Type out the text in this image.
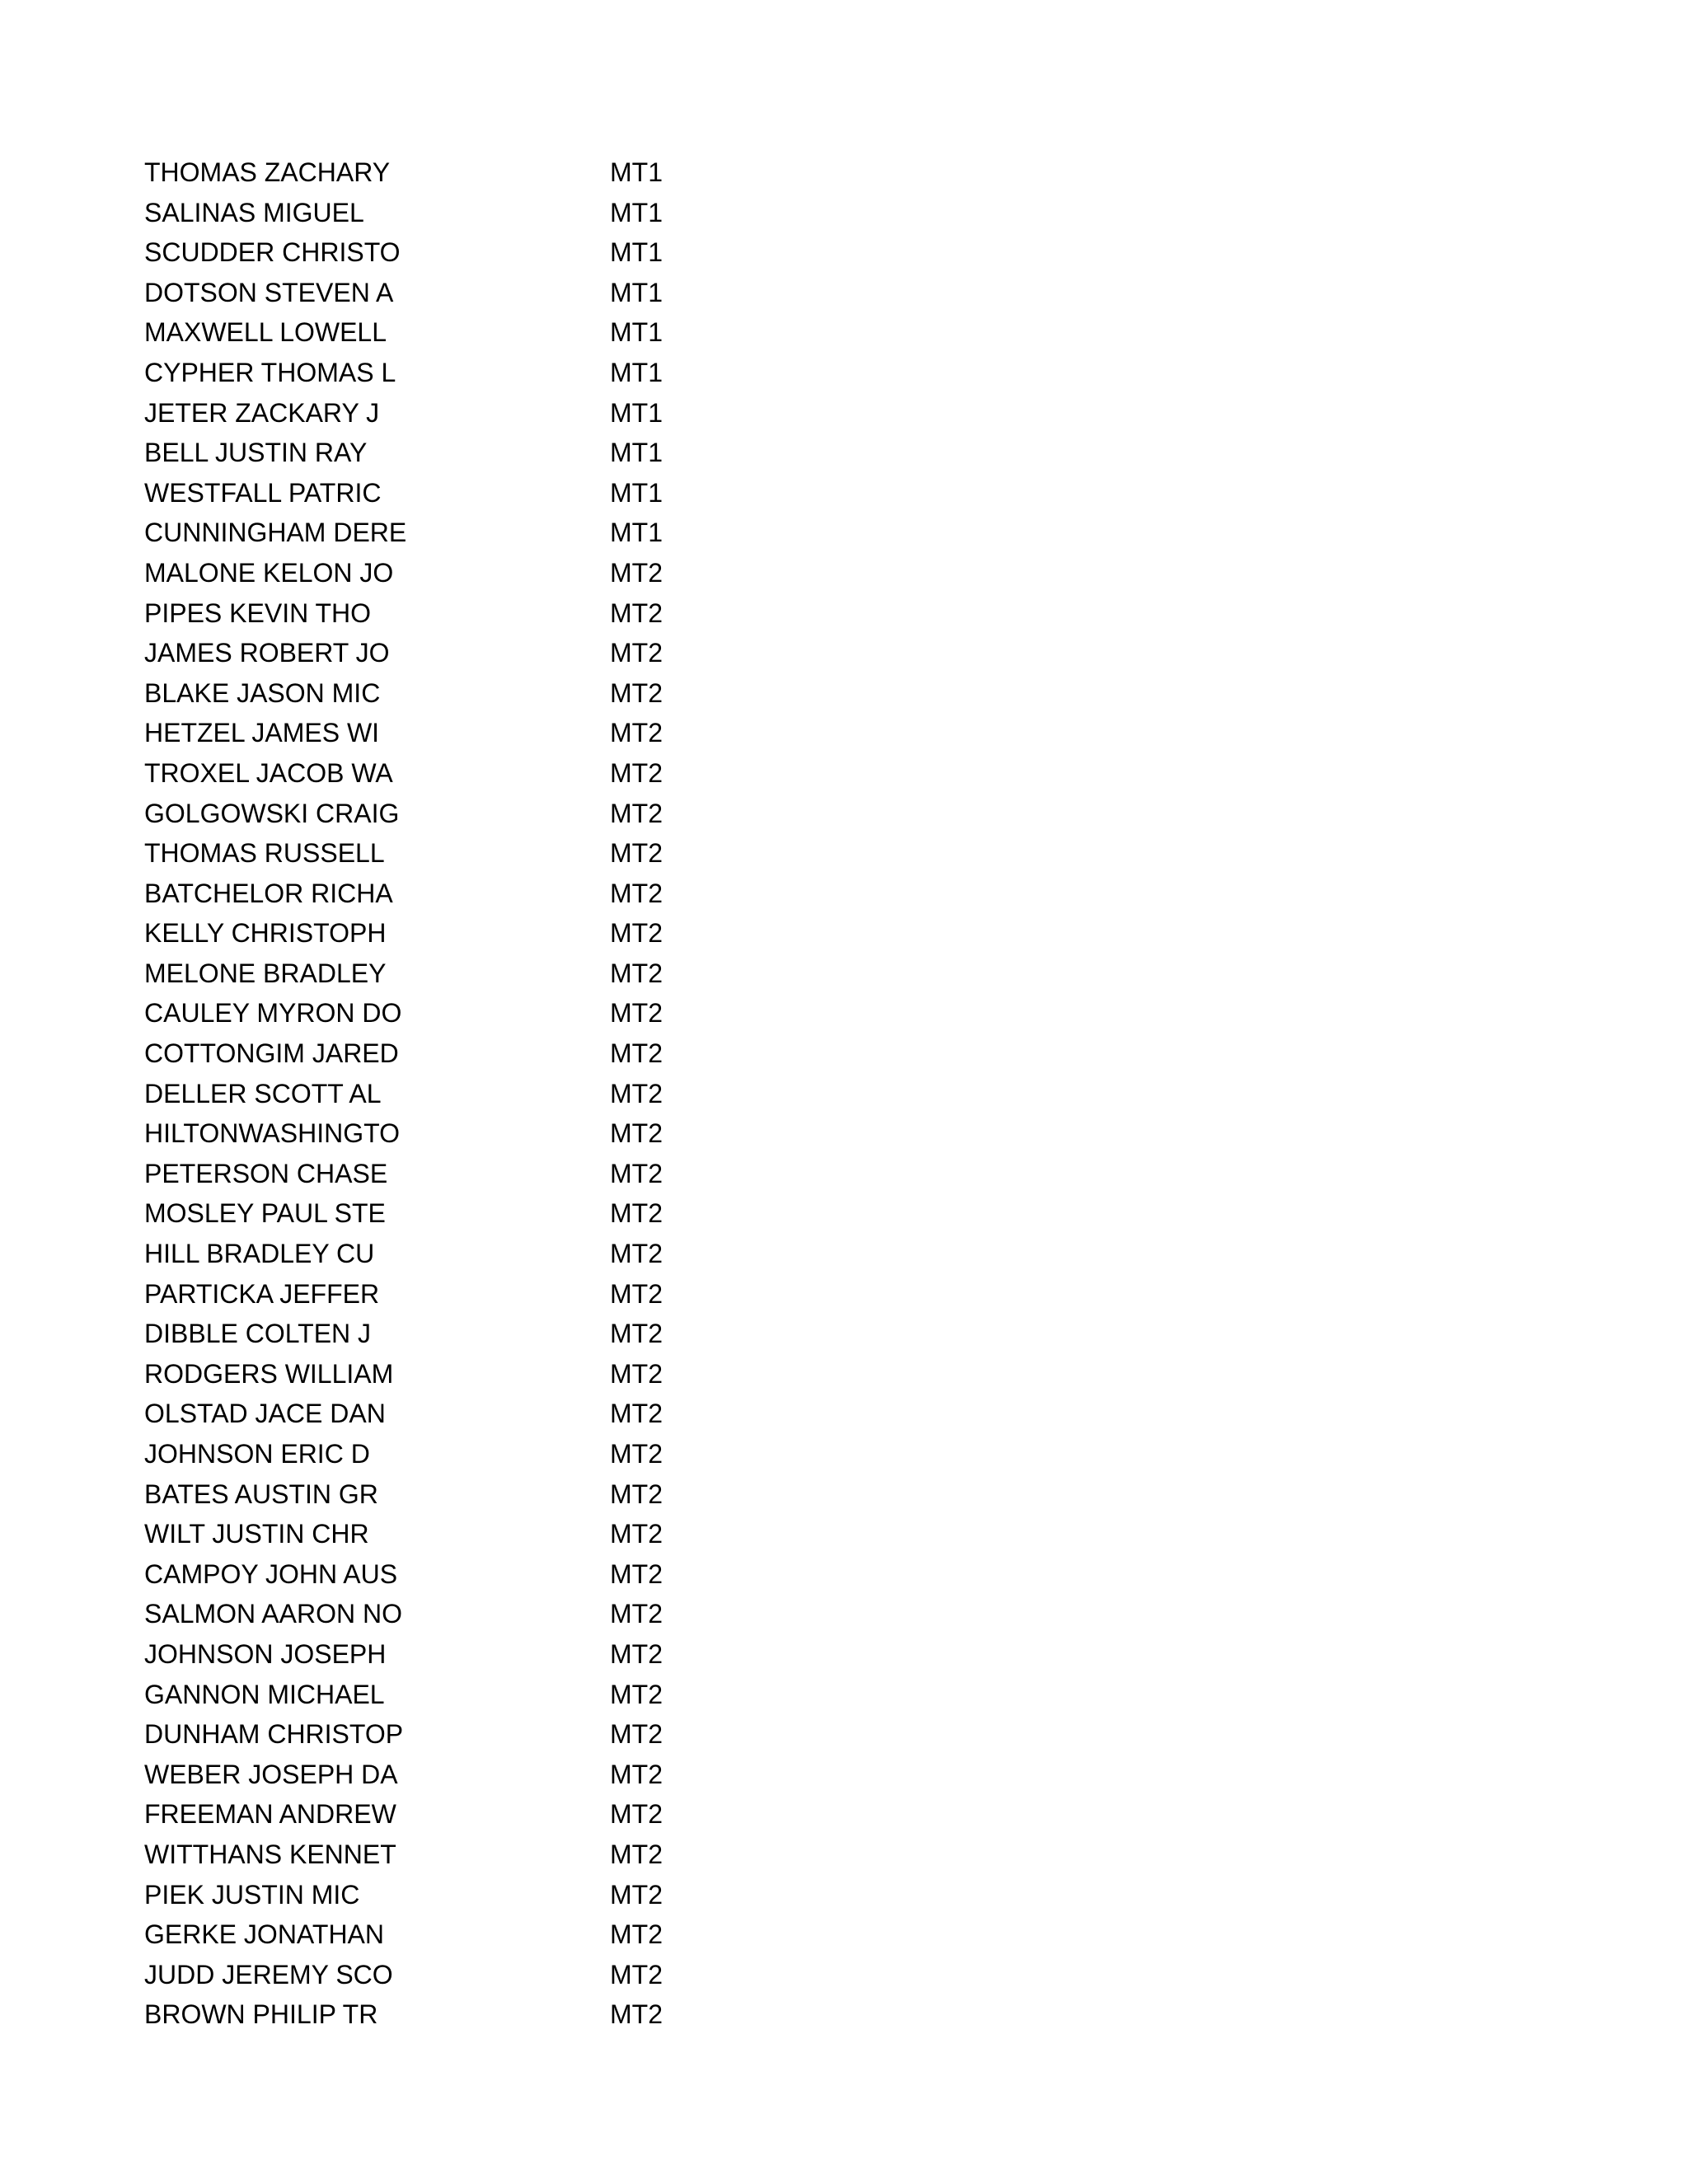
THOMAS ZACHARY	MT1
SALINAS MIGUEL	MT1
SCUDDER CHRISTO	MT1
DOTSON STEVEN A	MT1
MAXWELL LOWELL	MT1
CYPHER THOMAS L	MT1
JETER ZACKARY J	MT1
BELL JUSTIN RAY	MT1
WESTFALL PATRIC	MT1
CUNNINGHAM DERE	MT1
MALONE KELON JO	MT2
PIPES KEVIN THO	MT2
JAMES ROBERT JO	MT2
BLAKE JASON MIC	MT2
HETZEL JAMES WI	MT2
TROXEL JACOB WA	MT2
GOLGOWSKI CRAIG	MT2
THOMAS RUSSELL	MT2
BATCHELOR RICHA	MT2
KELLY CHRISTOPH	MT2
MELONE BRADLEY	MT2
CAULEY MYRON DO	MT2
COTTONGIM JARED	MT2
DELLER SCOTT AL	MT2
HILTONWASHINGTO	MT2
PETERSON CHASE	MT2
MOSLEY PAUL STE	MT2
HILL BRADLEY CU	MT2
PARTICKA JEFFER	MT2
DIBBLE COLTEN J	MT2
RODGERS WILLIAM	MT2
OLSTAD JACE DAN	MT2
JOHNSON ERIC D	MT2
BATES AUSTIN GR	MT2
WILT JUSTIN CHR	MT2
CAMPOY JOHN AUS	MT2
SALMON AARON NO	MT2
JOHNSON JOSEPH	MT2
GANNON MICHAEL	MT2
DUNHAM CHRISTOP	MT2
WEBER JOSEPH DA	MT2
FREEMAN ANDREW	MT2
WITTHANS KENNET	MT2
PIEK JUSTIN MIC	MT2
GERKE JONATHAN	MT2
JUDD JEREMY SCO	MT2
BROWN PHILIP TR	MT2
